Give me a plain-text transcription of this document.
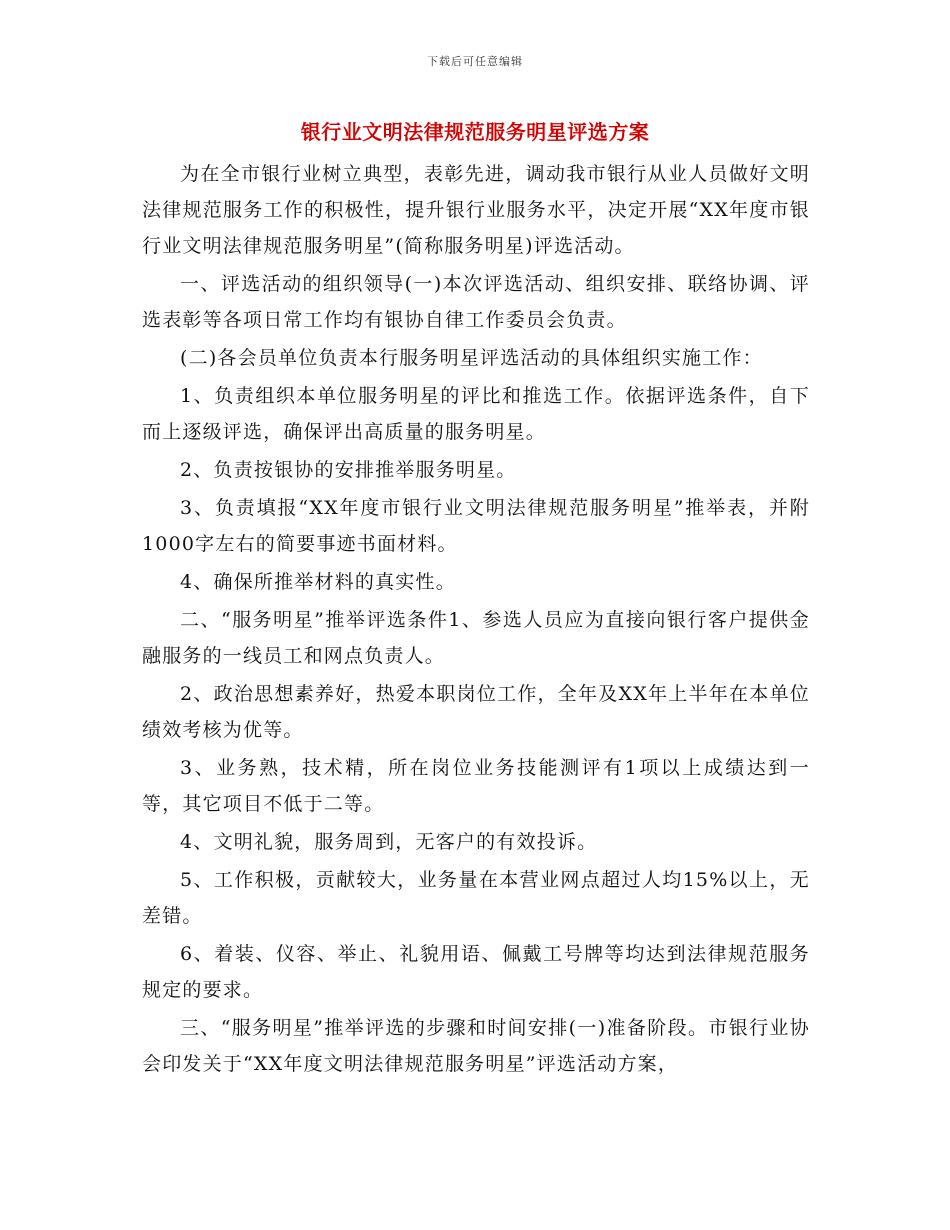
下载后可任意编辑
银行业文明法律规范服务明星评选方案

为在全市银行业树立典型，表彰先进，调动我市银行从业人员做好文明法律规范服务工作的积极性，提升银行业服务水平，决定开展“XX年度市银行业文明法律规范服务明星”(简称服务明星)评选活动。

一、评选活动的组织领导(一)本次评选活动、组织安排、联络协调、评选表彰等各项日常工作均有银协自律工作委员会负责。

(二)各会员单位负责本行服务明星评选活动的具体组织实施工作：

1、负责组织本单位服务明星的评比和推选工作。依据评选条件，自下而上逐级评选，确保评出高质量的服务明星。

2、负责按银协的安排推举服务明星。

3、负责填报“XX年度市银行业文明法律规范服务明星”推举表，并附1000字左右的简要事迹书面材料。

4、确保所推举材料的真实性。

二、“服务明星”推举评选条件1、参选人员应为直接向银行客户提供金融服务的一线员工和网点负责人。

2、政治思想素养好，热爱本职岗位工作，全年及XX年上半年在本单位绩效考核为优等。

3、业务熟，技术精，所在岗位业务技能测评有1项以上成绩达到一等，其它项目不低于二等。

4、文明礼貌，服务周到，无客户的有效投诉。

5、工作积极，贡献较大，业务量在本营业网点超过人均15%以上，无差错。

6、着装、仪容、举止、礼貌用语、佩戴工号牌等均达到法律规范服务规定的要求。

三、“服务明星”推举评选的步骤和时间安排(一)准备阶段。市银行业协会印发关于“XX年度文明法律规范服务明星”评选活动方案，
